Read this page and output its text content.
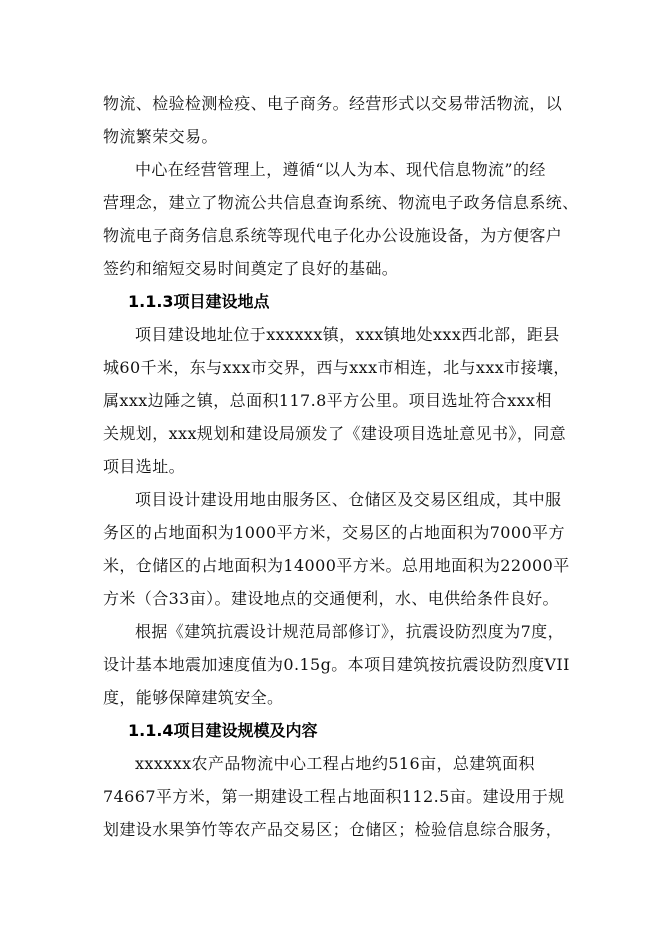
物流、检验检测检疫、电子商务。经营形式以交易带活物流，以
物流繁荣交易。
中心在经营管理上，遵循“以人为本、现代信息物流”的经
营理念，建立了物流公共信息查询系统、物流电子政务信息系统、
物流电子商务信息系统等现代电子化办公设施设备，为方便客户
签约和缩短交易时间奠定了良好的基础。
1.1.3项目建设地点
项目建设地址位于xxxxxx镇，xxx镇地处xxx西北部，距县
城60千米，东与xxx市交界，西与xxx市相连，北与xxx市接壤，
属xxx边陲之镇，总面积117.8平方公里。项目选址符合xxx相
关规划，xxx规划和建设局颁发了《建设项目选址意见书》，同意
项目选址。
项目设计建设用地由服务区、仓储区及交易区组成，其中服
务区的占地面积为1000平方米，交易区的占地面积为7000平方
米，仓储区的占地面积为14000平方米。总用地面积为22000平
方米（合33亩）。建设地点的交通便利，水、电供给条件良好。
根据《建筑抗震设计规范局部修订》，抗震设防烈度为7度，
设计基本地震加速度值为0.15g。本项目建筑按抗震设防烈度VII
度，能够保障建筑安全。
1.1.4项目建设规模及内容
xxxxxx农产品物流中心工程占地约516亩，总建筑面积
74667平方米，第一期建设工程占地面积112.5亩。建设用于规
划建设水果笋竹等农产品交易区；仓储区；检验信息综合服务，
